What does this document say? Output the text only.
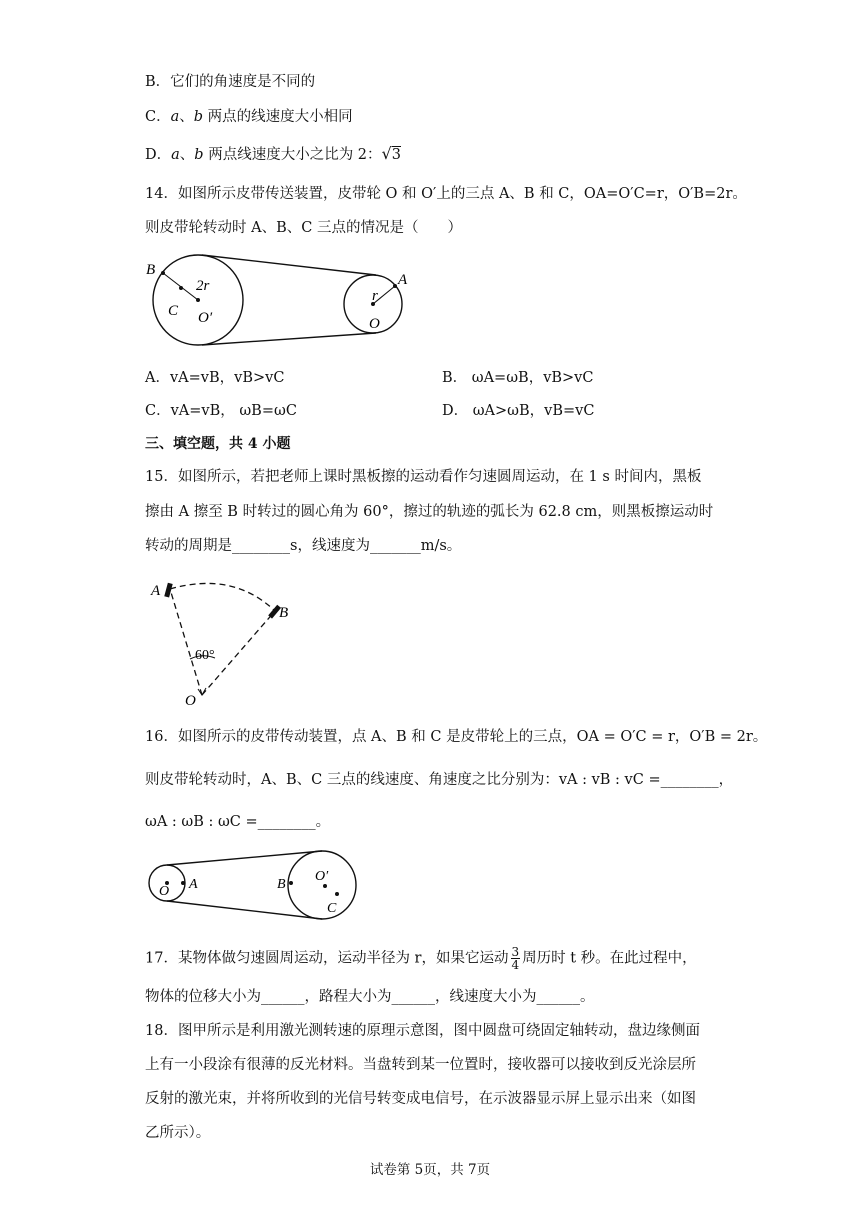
B．它们的角速度是不同的
C．a、b 两点的线速度大小相同
D．a、b 两点线速度大小之比为 2：√3
14．如图所示皮带传送装置，皮带轮 O 和 O′上的三点 A、B 和 C，OA=O′C=r，O′B=2r。
则皮带轮转动时 A、B、C 三点的情况是（　　）
B
C
2r
O′
A
r
O
A．vA=vB，vB>vC	B． ωA=ωB，vB>vC
C．vA=vB， ωB=ωC	D． ωA>ωB，vB=vC
三、填空题，共 4 小题
15．如图所示，若把老师上课时黑板擦的运动看作匀速圆周运动，在 1 s 时间内，黑板
擦由 A 擦至 B 时转过的圆心角为 60°，擦过的轨迹的弧长为 62.8 cm，则黑板擦运动时
转动的周期是________s，线速度为_______m/s。
A
B
60°
O
16．如图所示的皮带传动装置，点 A、B 和 C 是皮带轮上的三点，OA = O′C = r，O′B = 2r。
则皮带轮转动时，A、B、C 三点的线速度、角速度之比分别为：vA : vB : vC =________，
ωA : ωB : ωC =________。
O A	B
O′
C
17．某物体做匀速圆周运动，运动半径为 r，如果它运动 $\frac{3}{4}$ 周历时 t 秒。在此过程中，
物体的位移大小为______，路程大小为______，线速度大小为______。
18．图甲所示是利用激光测转速的原理示意图，图中圆盘可绕固定轴转动，盘边缘侧面
上有一小段涂有很薄的反光材料。当盘转到某一位置时，接收器可以接收到反光涂层所
反射的激光束，并将所收到的光信号转变成电信号，在示波器显示屏上显示出来（如图
乙所示）。
试卷第 5页，共 7页
